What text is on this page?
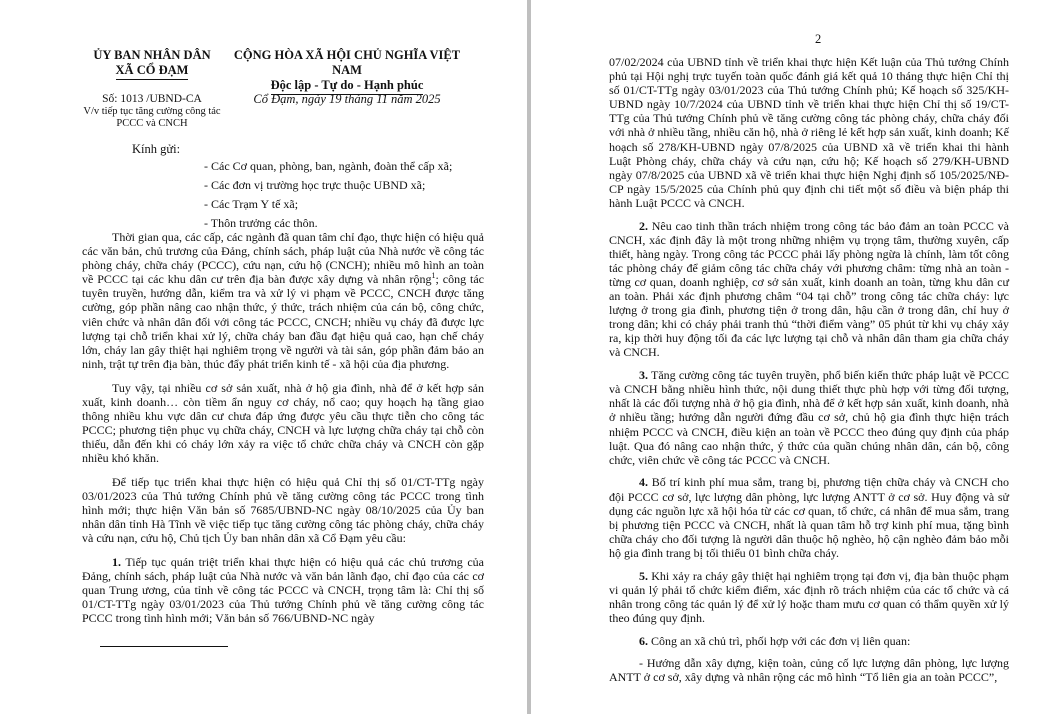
ỦY BAN NHÂN DÂN
XÃ CỔ ĐẠM
CỘNG HÒA XÃ HỘI CHỦ NGHĨA VIỆT NAM
Độc lập - Tự do - Hạnh phúc
Số: 1013 /UBND-CA
V/v tiếp tục tăng cường công tác
PCCC và CNCH
Cổ Đạm, ngày 19 tháng 11 năm 2025
Kính gửi:
- Các Cơ quan, phòng, ban, ngành, đoàn thể cấp xã;
- Các đơn vị trường học trực thuộc UBND xã;
- Các Trạm Y tế xã;
- Thôn trưởng các thôn.

Thời gian qua, các cấp, các ngành đã quan tâm chỉ đạo, thực hiện có hiệu quả các văn bản, chủ trương của Đảng, chính sách, pháp luật của Nhà nước về công tác phòng cháy, chữa cháy (PCCC), cứu nạn, cứu hộ (CNCH); nhiều mô hình an toàn về PCCC tại các khu dân cư trên địa bàn được xây dựng và nhân rộng$^1$; công tác tuyên truyền, hướng dẫn, kiểm tra và xử lý vi phạm về PCCC, CNCH được tăng cường, góp phần nâng cao nhận thức, ý thức, trách nhiệm của cán bộ, công chức, viên chức và nhân dân đối với công tác PCCC, CNCH; nhiều vụ cháy đã được lực lượng tại chỗ triển khai xử lý, chữa cháy ban đầu đạt hiệu quả cao, hạn chế cháy lớn, cháy lan gây thiệt hại nghiêm trọng về người và tài sản, góp phần đảm bảo an ninh, trật tự trên địa bàn, thúc đẩy phát triển kinh tế - xã hội của địa phương.

Tuy vậy, tại nhiều cơ sở sản xuất, nhà ở hộ gia đình, nhà để ở kết hợp sản xuất, kinh doanh… còn tiềm ẩn nguy cơ cháy, nổ cao; quy hoạch hạ tầng giao thông nhiều khu vực dân cư chưa đáp ứng được yêu cầu thực tiễn cho công tác PCCC; phương tiện phục vụ chữa cháy, CNCH và lực lượng chữa cháy tại chỗ còn thiếu, dẫn đến khi có cháy lớn xảy ra việc tổ chức chữa cháy và CNCH còn gặp nhiều khó khăn.

Để tiếp tục triển khai thực hiện có hiệu quả Chỉ thị số 01/CT-TTg ngày 03/01/2023 của Thủ tướng Chính phủ về tăng cường công tác PCCC trong tình hình mới; thực hiện Văn bản số 7685/UBND-NC ngày 08/10/2025 của Ủy ban nhân dân tỉnh Hà Tĩnh về việc tiếp tục tăng cường công tác phòng cháy, chữa cháy và cứu nạn, cứu hộ, Chủ tịch Ủy ban nhân dân xã Cổ Đạm yêu cầu:

1. Tiếp tục quán triệt triển khai thực hiện có hiệu quả các chủ trương của Đảng, chính sách, pháp luật của Nhà nước và văn bản lãnh đạo, chỉ đạo của các cơ quan Trung ương, của tỉnh về công tác PCCC và CNCH, trọng tâm là: Chỉ thị số 01/CT-TTg ngày 03/01/2023 của Thủ tướng Chính phủ về tăng cường công tác PCCC trong tình hình mới; Văn bản số 766/UBND-NC ngày

2

07/02/2024 của UBND tỉnh về triển khai thực hiện Kết luận của Thủ tướng Chính phủ tại Hội nghị trực tuyến toàn quốc đánh giá kết quả 10 tháng thực hiện Chỉ thị số 01/CT-TTg ngày 03/01/2023 của Thủ tướng Chính phủ; Kế hoạch số 325/KH-UBND ngày 10/7/2024 của UBND tỉnh về triển khai thực hiện Chỉ thị số 19/CT-TTg của Thủ tướng Chính phủ về tăng cường công tác phòng cháy, chữa cháy đối với nhà ở nhiều tầng, nhiều căn hộ, nhà ở riêng lẻ kết hợp sản xuất, kinh doanh; Kế hoạch số 278/KH-UBND ngày 07/8/2025 của UBND xã về triển khai thi hành Luật Phòng cháy, chữa cháy và cứu nạn, cứu hộ; Kế hoạch số 279/KH-UBND ngày 07/8/2025 của UBND xã về triển khai thực hiện Nghị định số 105/2025/NĐ-CP ngày 15/5/2025 của Chính phủ quy định chi tiết một số điều và biện pháp thi hành Luật PCCC và CNCH.

2. Nêu cao tinh thần trách nhiệm trong công tác bảo đảm an toàn PCCC và CNCH, xác định đây là một trong những nhiệm vụ trọng tâm, thường xuyên, cấp thiết, hàng ngày. Trong công tác PCCC phải lấy phòng ngừa là chính, làm tốt công tác phòng cháy để giảm công tác chữa cháy với phương châm: từng nhà an toàn - từng cơ quan, doanh nghiệp, cơ sở sản xuất, kinh doanh an toàn, từng khu dân cư an toàn. Phải xác định phương châm “04 tại chỗ” trong công tác chữa cháy: lực lượng ở trong gia đình, phương tiện ở trong dân, hậu cần ở trong dân, chỉ huy ở trong dân; khi có cháy phải tranh thủ “thời điểm vàng” 05 phút từ khi vụ cháy xảy ra, kịp thời huy động tối đa các lực lượng tại chỗ và nhân dân tham gia chữa cháy và CNCH.

3. Tăng cường công tác tuyên truyền, phổ biến kiến thức pháp luật về PCCC và CNCH bằng nhiều hình thức, nội dung thiết thực phù hợp với từng đối tượng, nhất là các đối tượng nhà ở hộ gia đình, nhà để ở kết hợp sản xuất, kinh doanh, nhà ở nhiều tầng; hướng dẫn người đứng đầu cơ sở, chủ hộ gia đình thực hiện trách nhiệm PCCC và CNCH, điều kiện an toàn về PCCC theo đúng quy định của pháp luật. Qua đó nâng cao nhận thức, ý thức của quần chúng nhân dân, cán bộ, công chức, viên chức về công tác PCCC và CNCH.

4. Bố trí kinh phí mua sắm, trang bị, phương tiện chữa cháy và CNCH cho đội PCCC cơ sở, lực lượng dân phòng, lực lượng ANTT ở cơ sở. Huy động và sử dụng các nguồn lực xã hội hóa từ các cơ quan, tổ chức, cá nhân để mua sắm, trang bị phương tiện PCCC và CNCH, nhất là quan tâm hỗ trợ kinh phí mua, tặng bình chữa cháy cho đối tượng là người dân thuộc hộ nghèo, hộ cận nghèo đảm bảo mỗi hộ gia đình trang bị tối thiểu 01 bình chữa cháy.

5. Khi xảy ra cháy gây thiệt hại nghiêm trọng tại đơn vị, địa bàn thuộc phạm vi quản lý phải tổ chức kiểm điểm, xác định rõ trách nhiệm của các tổ chức và cá nhân trong công tác quản lý để xử lý hoặc tham mưu cơ quan có thẩm quyền xử lý theo đúng quy định.

6. Công an xã chủ trì, phối hợp với các đơn vị liên quan:

- Hướng dẫn xây dựng, kiện toàn, củng cố lực lượng dân phòng, lực lượng ANTT ở cơ sở, xây dựng và nhân rộng các mô hình “Tổ liên gia an toàn PCCC”,
